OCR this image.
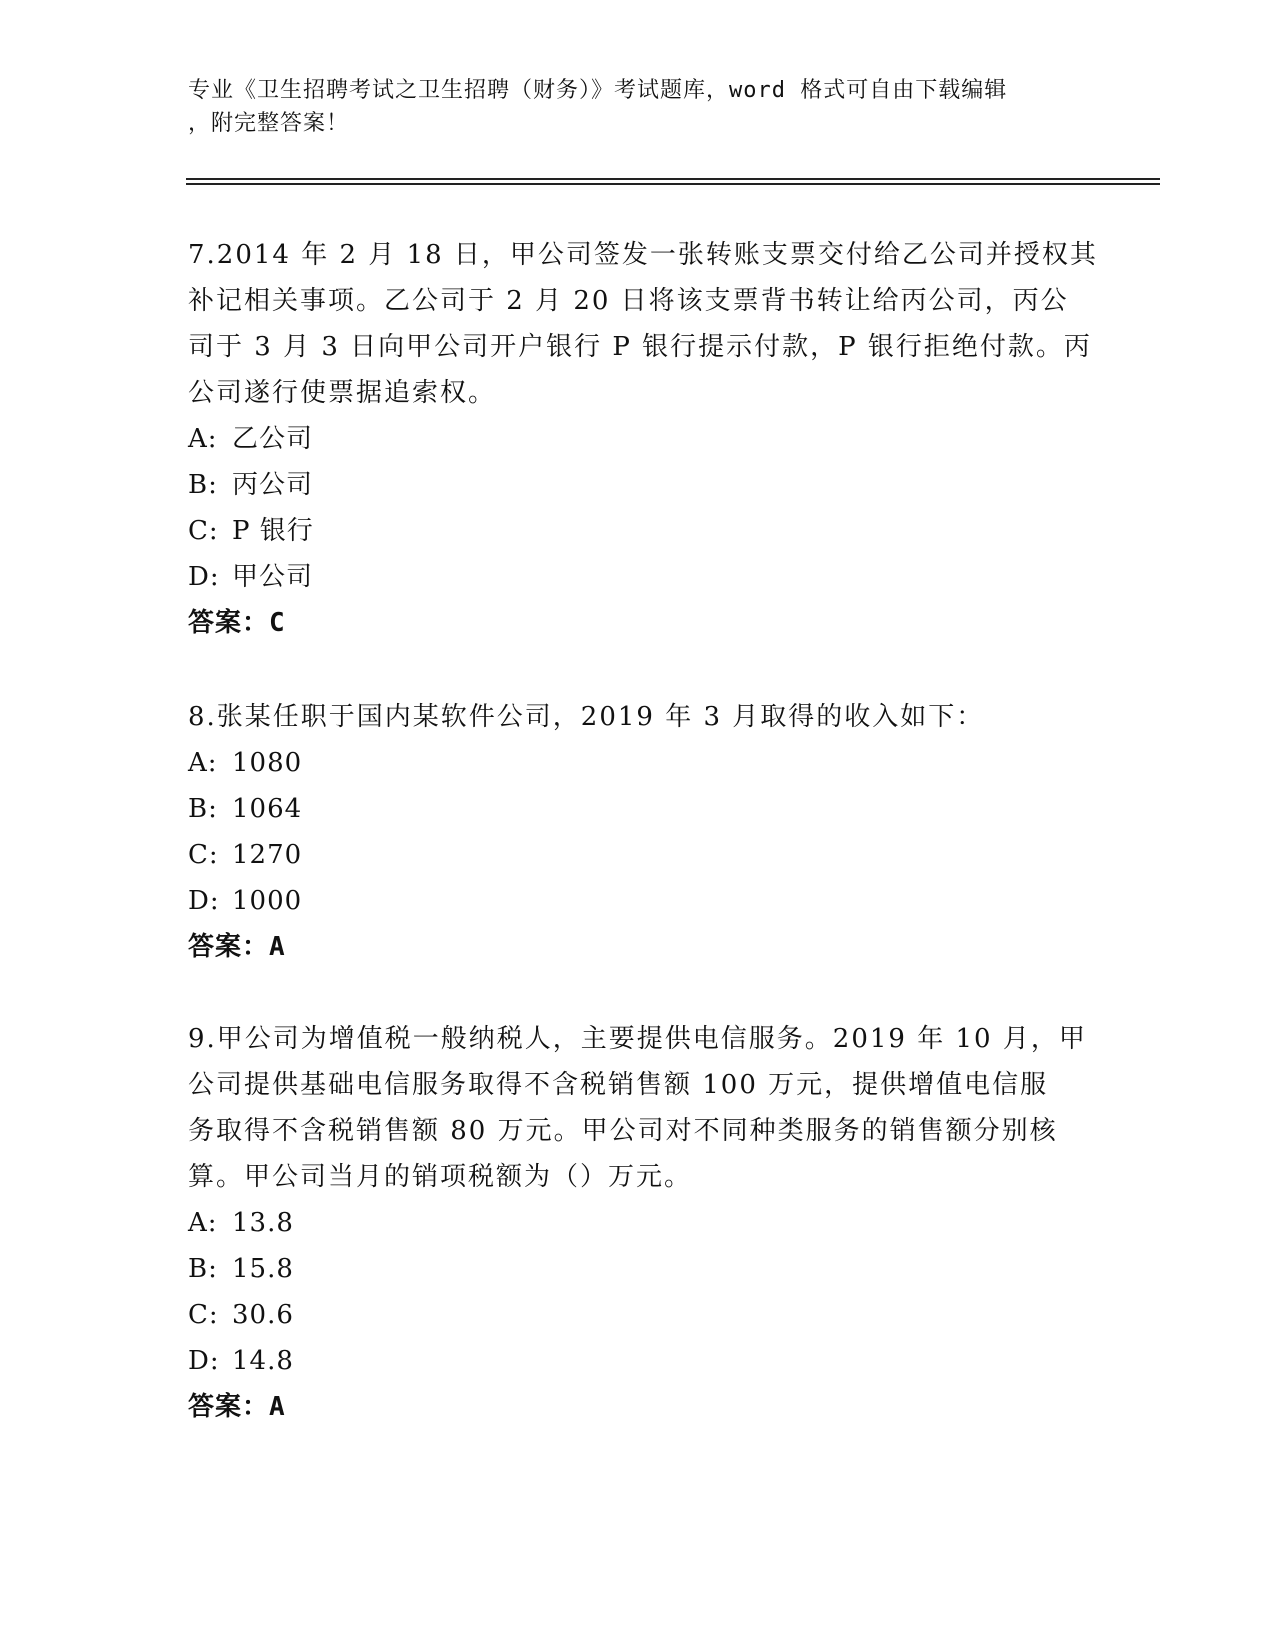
专业《卫生招聘考试之卫生招聘（财务）》考试题库，word 格式可自由下载编辑
，附完整答案！
7.2014 年 2 月 18 日，甲公司签发一张转账支票交付给乙公司并授权其
补记相关事项。乙公司于 2 月 20 日将该支票背书转让给丙公司，丙公
司于 3 月 3 日向甲公司开户银行 P 银行提示付款，P 银行拒绝付款。丙
公司遂行使票据追索权。
A: 乙公司
B: 丙公司
C: P 银行
D: 甲公司
答案：C
8.张某任职于国内某软件公司，2019 年 3 月取得的收入如下：
A: 1080
B: 1064
C: 1270
D: 1000
答案：A
9.甲公司为增值税一般纳税人，主要提供电信服务。2019 年 10 月，甲
公司提供基础电信服务取得不含税销售额 100 万元，提供增值电信服
务取得不含税销售额 80 万元。甲公司对不同种类服务的销售额分别核
算。甲公司当月的销项税额为（）万元。
A: 13.8
B: 15.8
C: 30.6
D: 14.8
答案：A
